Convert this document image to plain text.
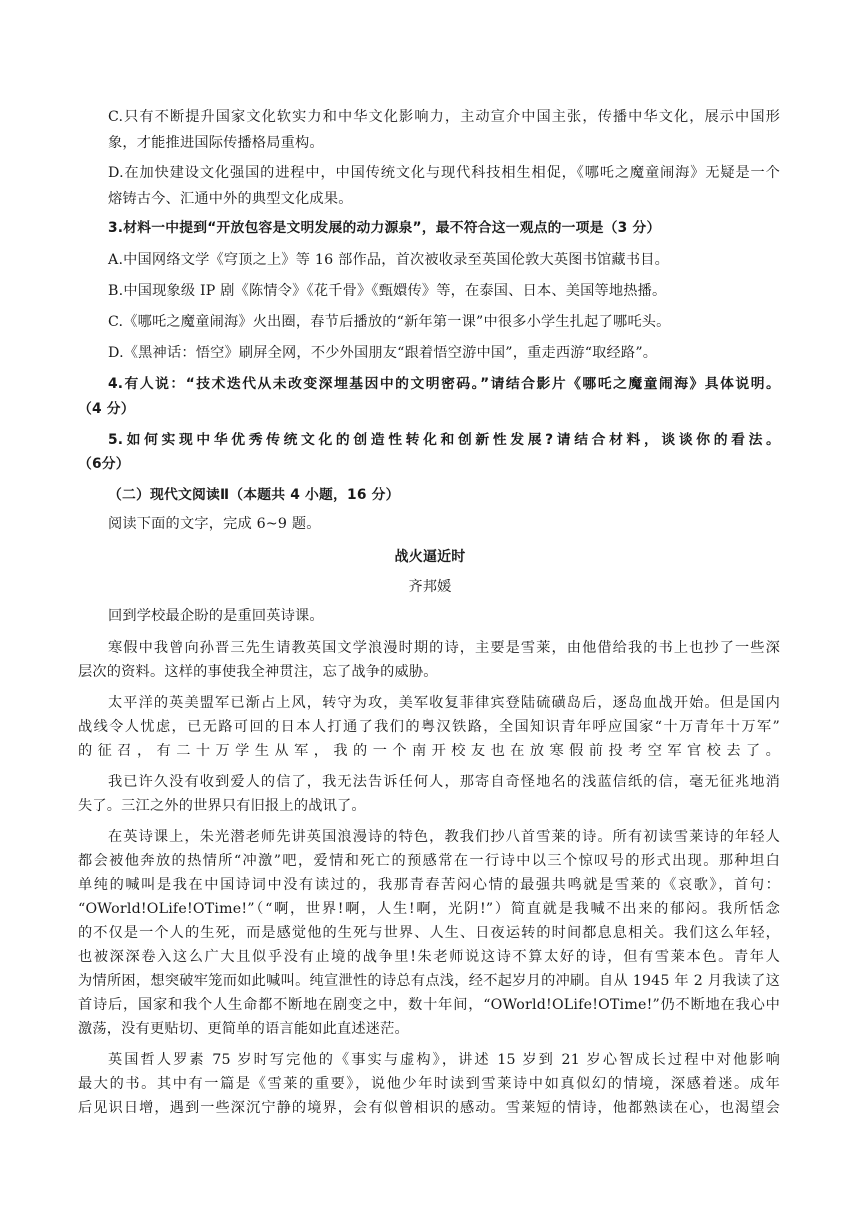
C.只有不断提升国家文化软实力和中华文化影响力，主动宣介中国主张，传播中华文化，展示中国形
象，才能推进国际传播格局重构。
D.在加快建设文化强国的进程中，中国传统文化与现代科技相生相促，《哪吒之魔童闹海》无疑是一个
熔铸古今、汇通中外的典型文化成果。
3.材料一中提到“开放包容是文明发展的动力源泉”，最不符合这一观点的一项是（3 分）
A.中国网络文学《穹顶之上》等 16 部作品，首次被收录至英国伦敦大英图书馆藏书目。
B.中国现象级 IP 剧《陈情令》《花千骨》《甄嬛传》等，在泰国、日本、美国等地热播。
C.《哪吒之魔童闹海》火出圈，春节后播放的“新年第一课”中很多小学生扎起了哪吒头。
D.《黑神话：悟空》刷屏全网，不少外国朋友“跟着悟空游中国”，重走西游“取经路”。
4.有人说：“技术迭代从未改变深埋基因中的文明密码。”请结合影片《哪吒之魔童闹海》具体说明。
（4 分）
5.如何实现中华优秀传统文化的创造性转化和创新性发展?请结合材料，谈谈你的看法。
（6分）
（二）现代文阅读Ⅱ（本题共 4 小题，16 分）
阅读下面的文字，完成 6~9 题。
战火逼近时
齐邦媛
回到学校最企盼的是重回英诗课。
寒假中我曾向孙晋三先生请教英国文学浪漫时期的诗，主要是雪莱，由他借给我的书上也抄了一些深
层次的资料。这样的事使我全神贯注，忘了战争的威胁。
太平洋的英美盟军已渐占上风，转守为攻，美军收复菲律宾登陆硫磺岛后，逐岛血战开始。但是国内
战线令人忧虑，已无路可回的日本人打通了我们的粤汉铁路，全国知识青年呼应国家“十万青年十万军”
的征召，有二十万学生从军，我的一个南开校友也在放寒假前投考空军官校去了。
我已许久没有收到爱人的信了，我无法告诉任何人，那寄自奇怪地名的浅蓝信纸的信，毫无征兆地消
失了。三江之外的世界只有旧报上的战讯了。
在英诗课上，朱光潜老师先讲英国浪漫诗的特色，教我们抄八首雪莱的诗。所有初读雪莱诗的年轻人
都会被他奔放的热情所“冲激”吧，爱情和死亡的预感常在一行诗中以三个惊叹号的形式出现。那种坦白
单纯的喊叫是我在中国诗词中没有读过的，我那青春苦闷心情的最强共鸣就是雪莱的《哀歌》，首句：
“OWorld!OLife!OTime!”（“啊，世界!啊，人生!啊，光阴!”）简直就是我喊不出来的郁闷。我所恬念
的不仅是一个人的生死，而是感觉他的生死与世界、人生、日夜运转的时间都息息相关。我们这么年轻，
也被深深卷入这么广大且似乎没有止境的战争里!朱老师说这诗不算太好的诗，但有雪莱本色。青年人
为情所困，想突破牢笼而如此喊叫。纯宣泄性的诗总有点浅，经不起岁月的冲刷。自从 1945 年 2 月我读了这
首诗后，国家和我个人生命都不断地在剧变之中，数十年间，“OWorld!OLife!OTime!”仍不断地在我心中
激荡，没有更贴切、更简单的语言能如此直述迷茫。
英国哲人罗素 75 岁时写完他的《事实与虚构》，讲述 15 岁到 21 岁心智成长过程中对他影响
最大的书。其中有一篇是《雪莱的重要》，说他少年时读到雪莱诗中如真似幻的情境，深感着迷。成年
后见识日增，遇到一些深沉宁静的境界，会有似曾相识的感动。雪莱短的情诗，他都熟读在心，也渴望会
